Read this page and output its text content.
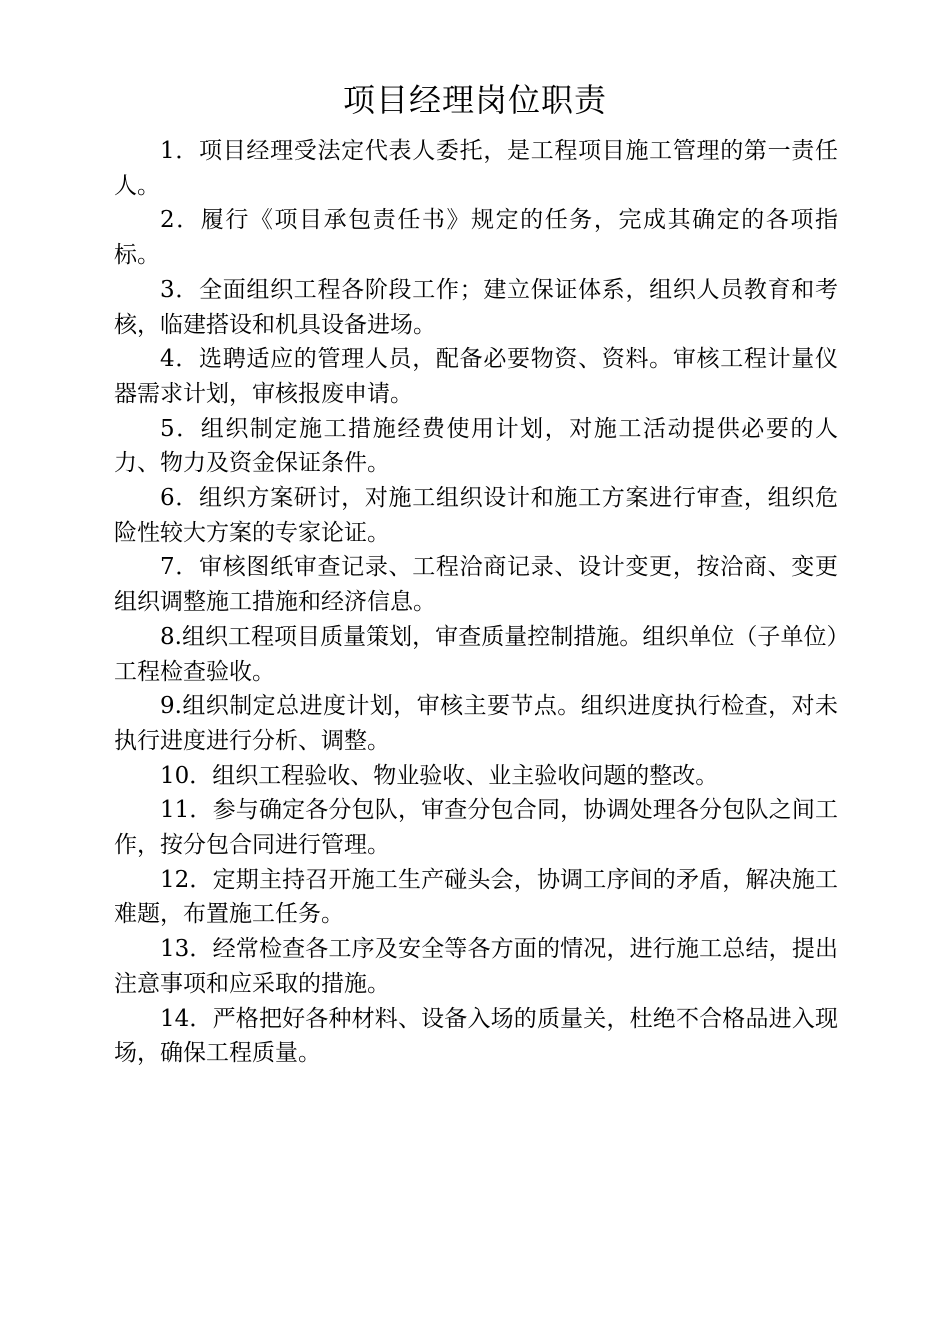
项目经理岗位职责

1．项目经理受法定代表人委托，是工程项目施工管理的第一责任人。

2．履行《项目承包责任书》规定的任务，完成其确定的各项指标。

3．全面组织工程各阶段工作；建立保证体系，组织人员教育和考核，临建搭设和机具设备进场。

4．选聘适应的管理人员，配备必要物资、资料。审核工程计量仪器需求计划，审核报废申请。

5．组织制定施工措施经费使用计划，对施工活动提供必要的人力、物力及资金保证条件。

6．组织方案研讨，对施工组织设计和施工方案进行审查，组织危险性较大方案的专家论证。

7．审核图纸审查记录、工程洽商记录、设计变更，按洽商、变更组织调整施工措施和经济信息。

8.组织工程项目质量策划，审查质量控制措施。组织单位（子单位）工程检查验收。

9.组织制定总进度计划，审核主要节点。组织进度执行检查，对未执行进度进行分析、调整。

10．组织工程验收、物业验收、业主验收问题的整改。

11．参与确定各分包队，审查分包合同，协调处理各分包队之间工作，按分包合同进行管理。

12．定期主持召开施工生产碰头会，协调工序间的矛盾，解决施工难题，布置施工任务。

13．经常检查各工序及安全等各方面的情况，进行施工总结，提出注意事项和应采取的措施。

14．严格把好各种材料、设备入场的质量关，杜绝不合格品进入现场，确保工程质量。
